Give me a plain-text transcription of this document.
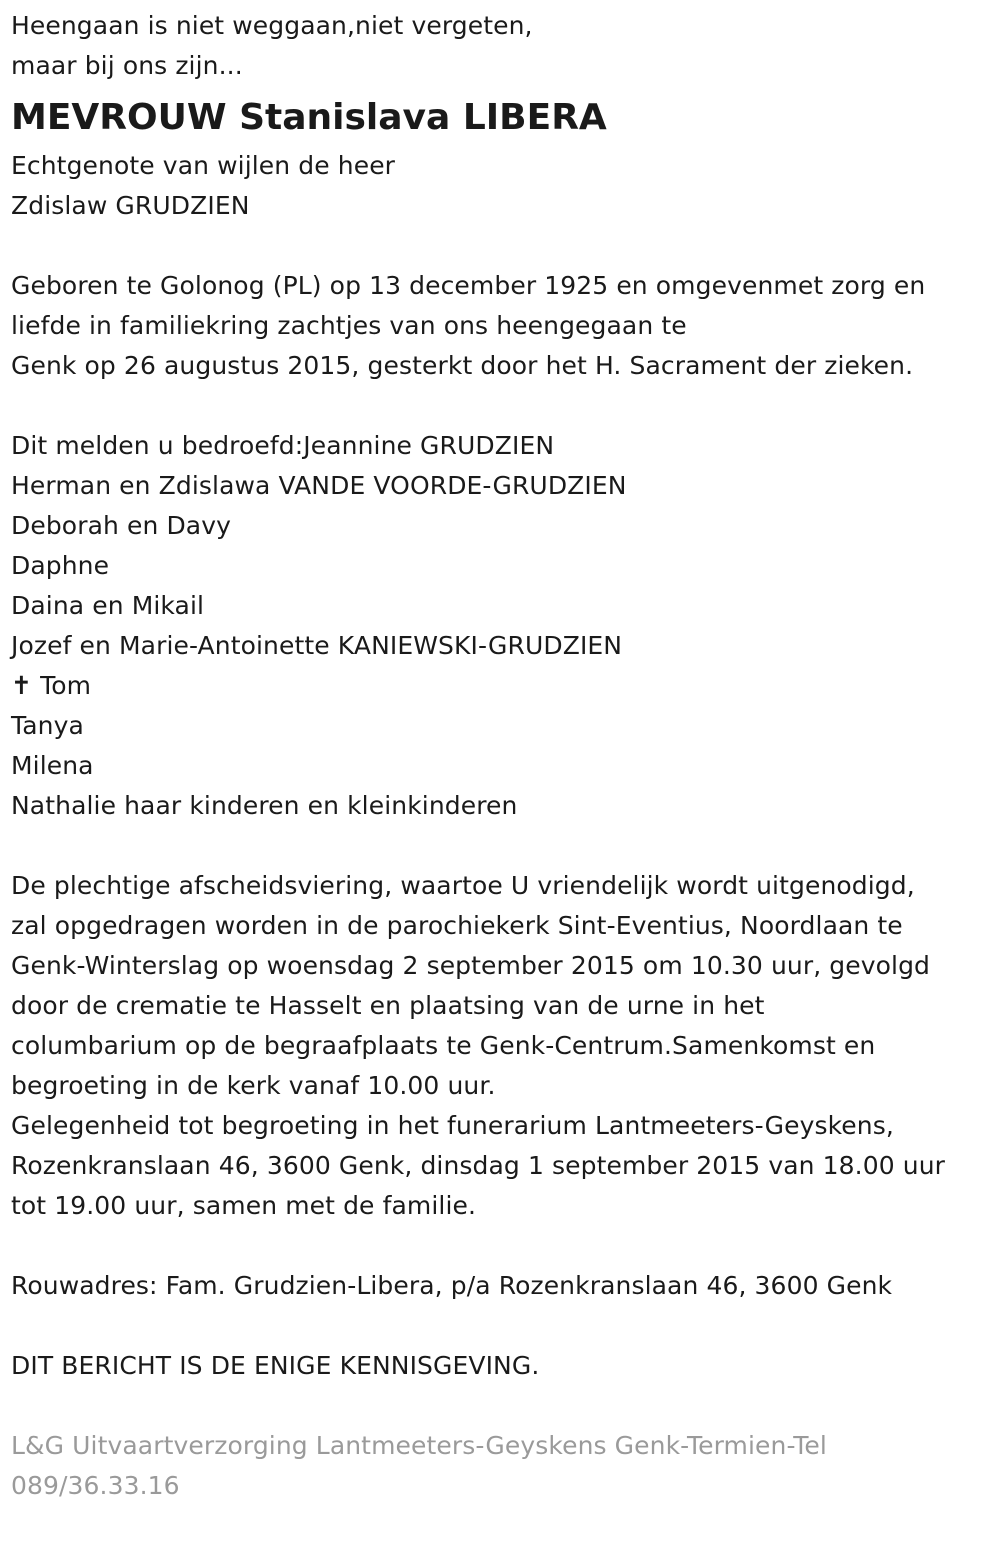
Heengaan is niet weggaan,niet vergeten,
maar bij ons zijn...
MEVROUW Stanislava LIBERA
Echtgenote van wijlen de heer
Zdislaw GRUDZIEN
Geboren te Golonog (PL) op 13 december 1925 en omgevenmet zorg en
liefde in familiekring zachtjes van ons heengegaan te
Genk op 26 augustus 2015, gesterkt door het H. Sacrament der zieken.
Dit melden u bedroefd:Jeannine GRUDZIEN
Herman en Zdislawa VANDE VOORDE-GRUDZIEN
Deborah en Davy
Daphne
Daina en Mikail
Jozef en Marie-Antoinette KANIEWSKI-GRUDZIEN
✝ Tom
Tanya
Milena
Nathalie haar kinderen en kleinkinderen
De plechtige afscheidsviering, waartoe U vriendelijk wordt uitgenodigd,
zal opgedragen worden in de parochiekerk Sint-Eventius, Noordlaan te
Genk-Winterslag op woensdag 2 september 2015 om 10.30 uur, gevolgd
door de crematie te Hasselt en plaatsing van de urne in het
columbarium op de begraafplaats te Genk-Centrum.Samenkomst en
begroeting in de kerk vanaf 10.00 uur.
Gelegenheid tot begroeting in het funerarium Lantmeeters-Geyskens,
Rozenkranslaan 46, 3600 Genk, dinsdag 1 september 2015 van 18.00 uur
tot 19.00 uur, samen met de familie.
Rouwadres: Fam. Grudzien-Libera, p/a Rozenkranslaan 46, 3600 Genk
DIT BERICHT IS DE ENIGE KENNISGEVING.
L&G Uitvaartverzorging Lantmeeters-Geyskens Genk-Termien-Tel
089/36.33.16
